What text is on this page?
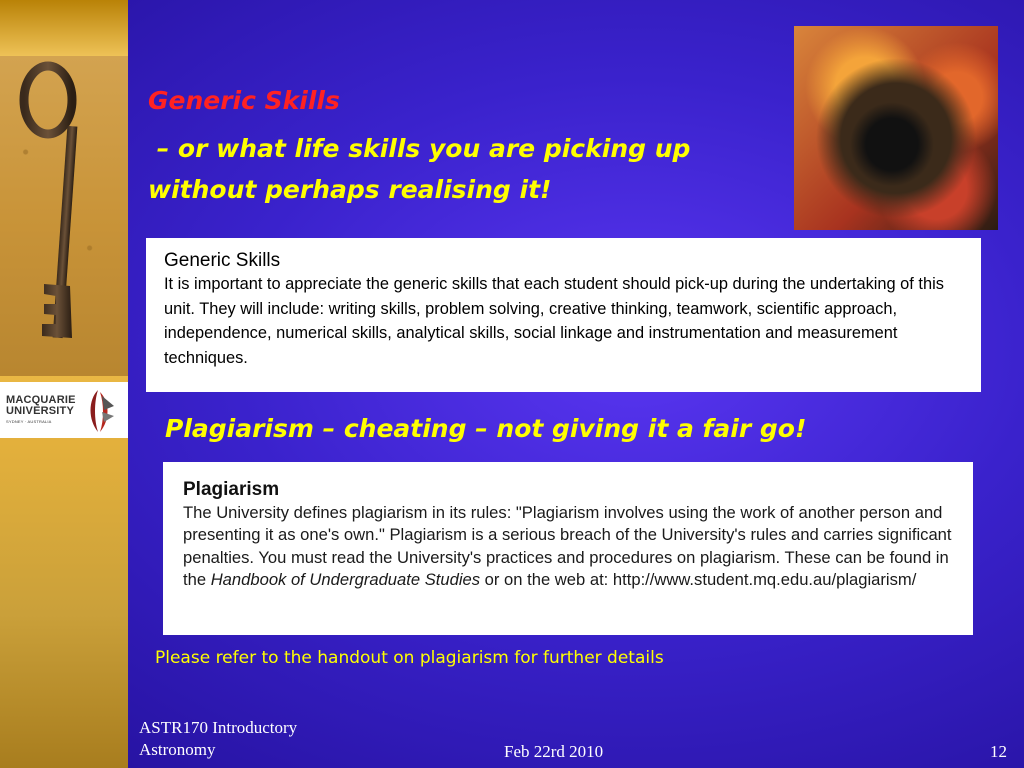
MACQUARIE
UNIVERSITY
SYDNEY · AUSTRALIA
Generic Skills
– or what life skills you are picking up
without perhaps realising it!
Generic Skills

It is important to appreciate the generic skills that each student should pick-up during the undertaking of this unit. They will include: writing skills, problem solving, creative thinking, teamwork, scientific approach, independence, numerical skills, analytical skills, social linkage and instrumentation and measurement techniques.

Plagiarism – cheating – not giving it a fair go!
Plagiarism

The University defines plagiarism in its rules: "Plagiarism involves using the work of another person and presenting it as one's own." Plagiarism is a serious breach of the University's rules and carries significant penalties. You must read the University's practices and procedures on plagiarism. These can be found in the Handbook of Undergraduate Studies or on the web at: http://www.student.mq.edu.au/plagiarism/

Please refer to the handout on plagiarism for further details
ASTR170 Introductory
Astronomy	Feb 22rd 2010	12
